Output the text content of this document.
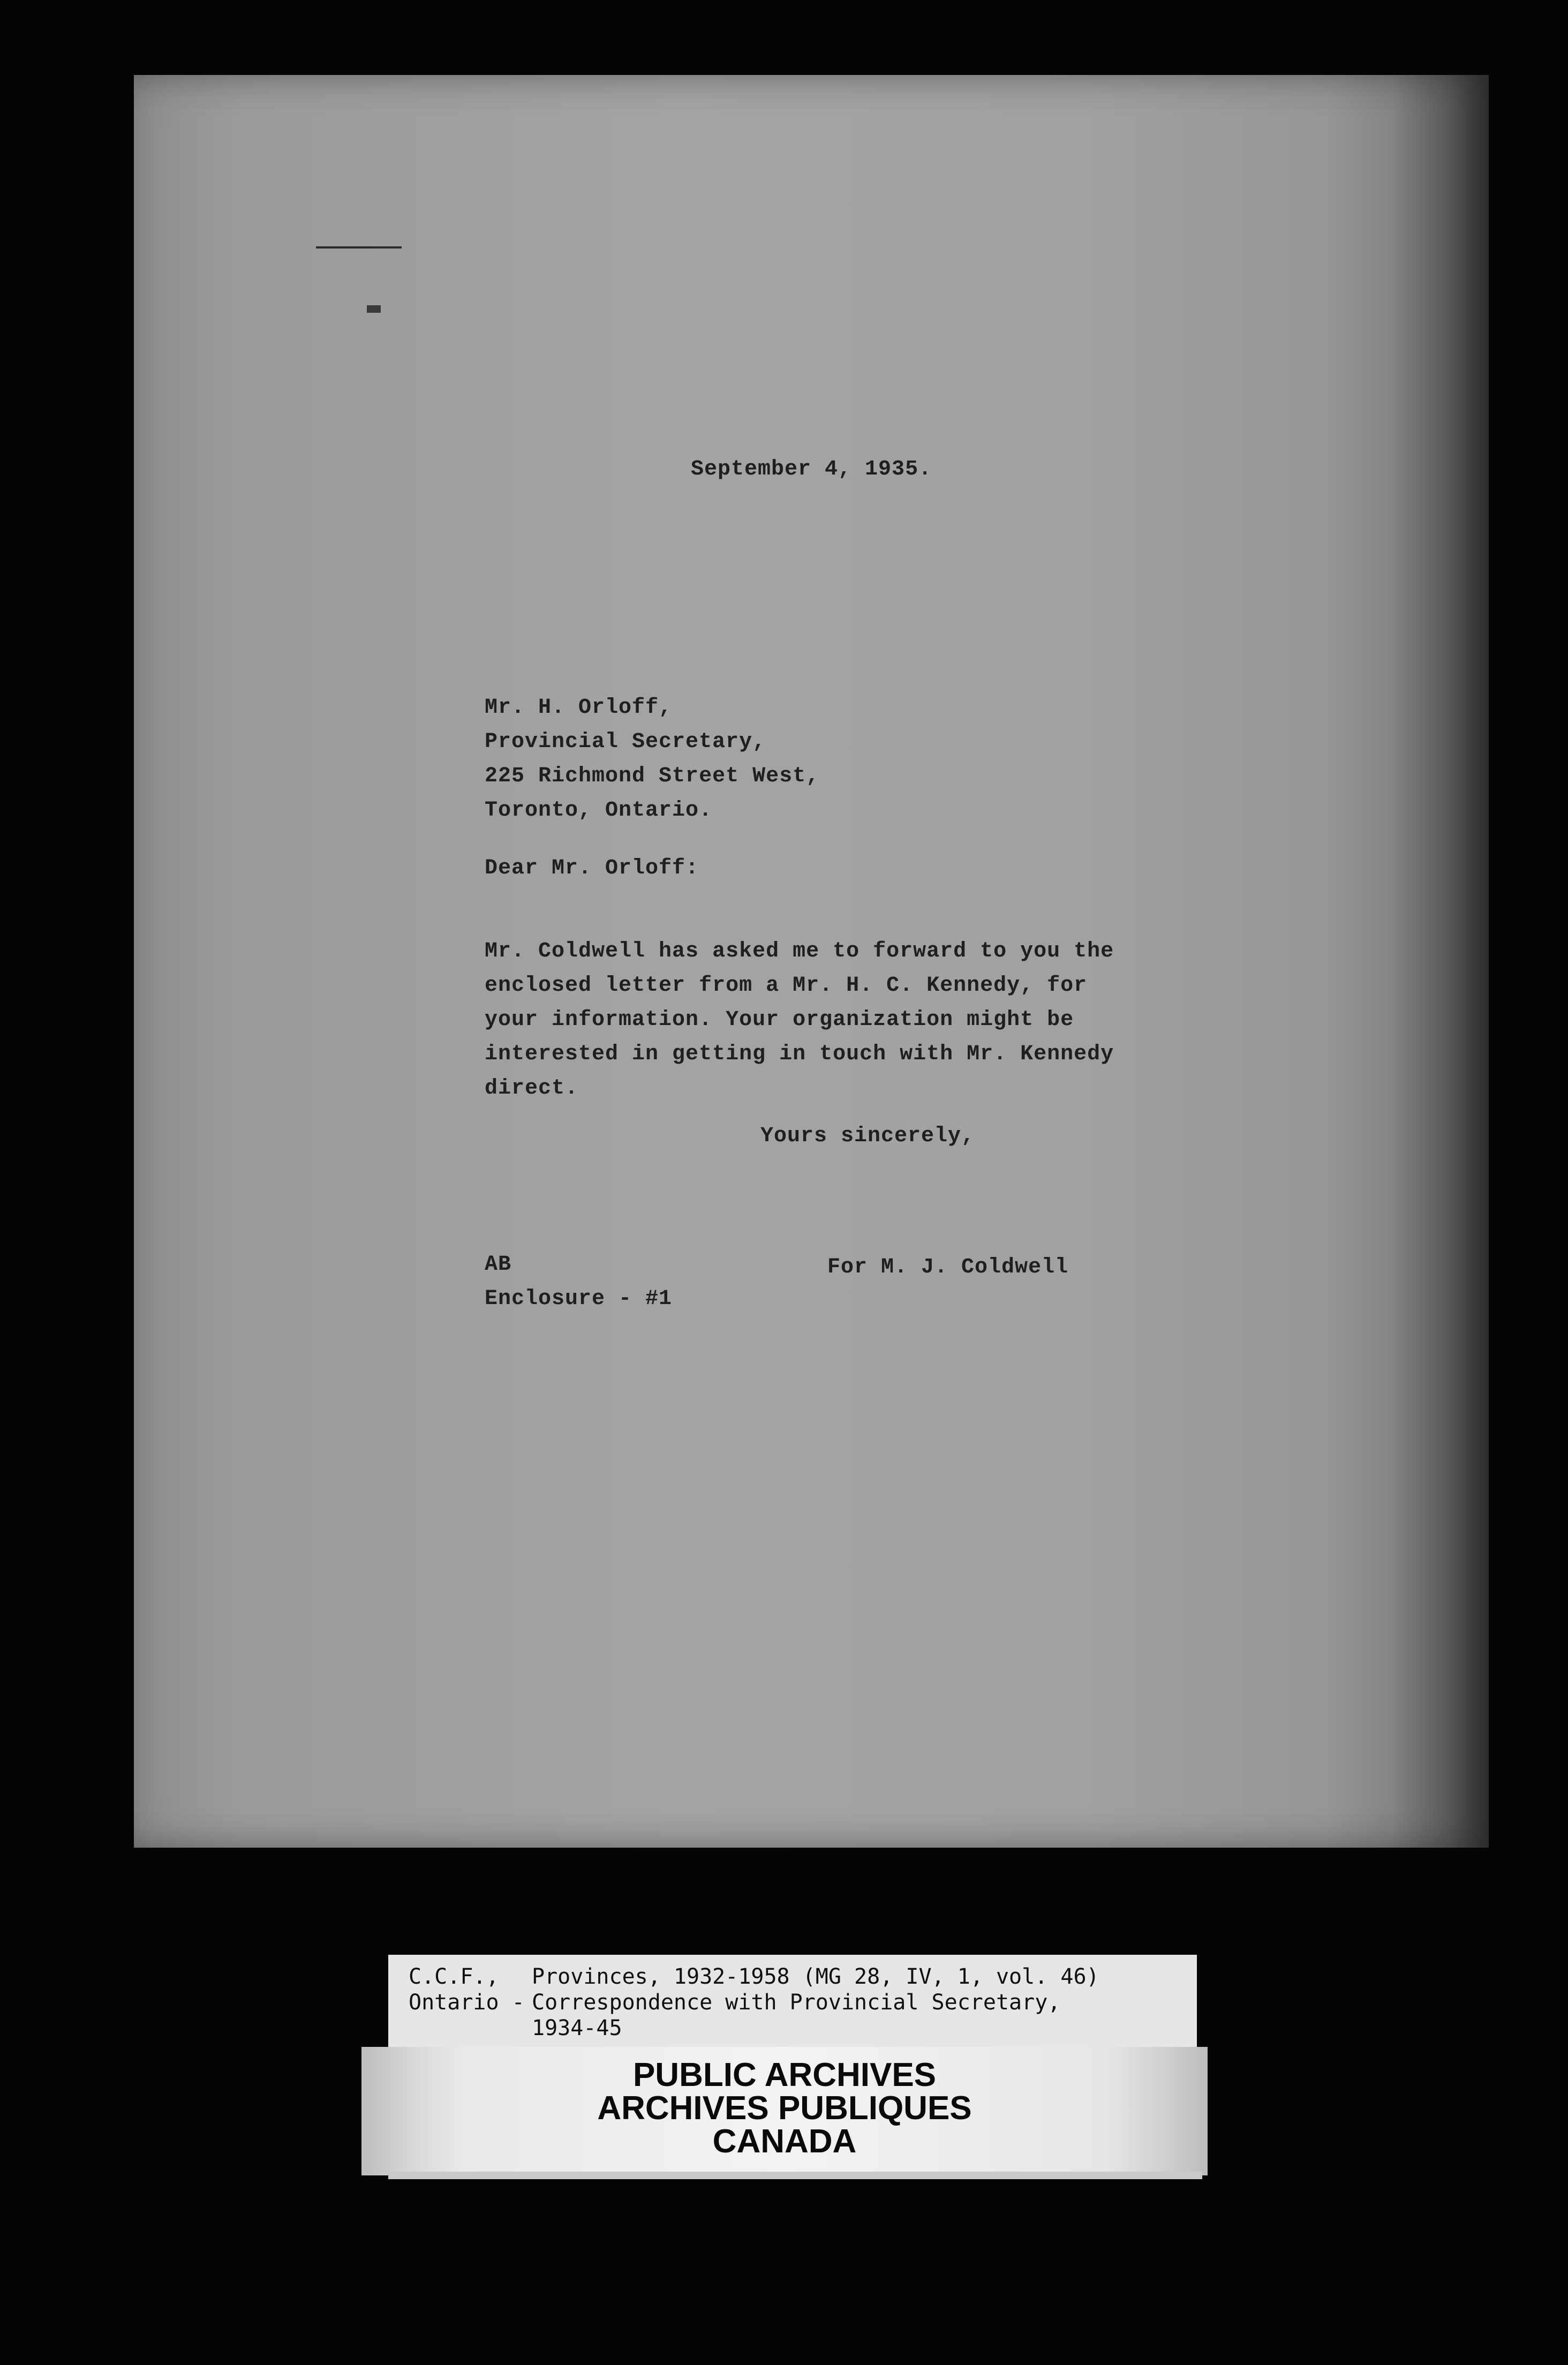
September 4, 1935.
Mr. H. Orloff,
Provincial Secretary,
225 Richmond Street West,
Toronto, Ontario.
Dear Mr. Orloff:
Mr. Coldwell has asked me to forward to you the
enclosed letter from a Mr. H. C. Kennedy, for
your information. Your organization might be
interested in getting in touch with Mr. Kennedy
direct.
Yours sincerely,
AB
Enclosure - #1
For M. J. Coldwell
C.C.F., Provinces, 1932-1958 (MG 28, IV, 1, vol. 46)
Ontario - Correspondence with Provincial Secretary,
1934-45
PUBLIC ARCHIVES
ARCHIVES PUBLIQUES
CANADA
